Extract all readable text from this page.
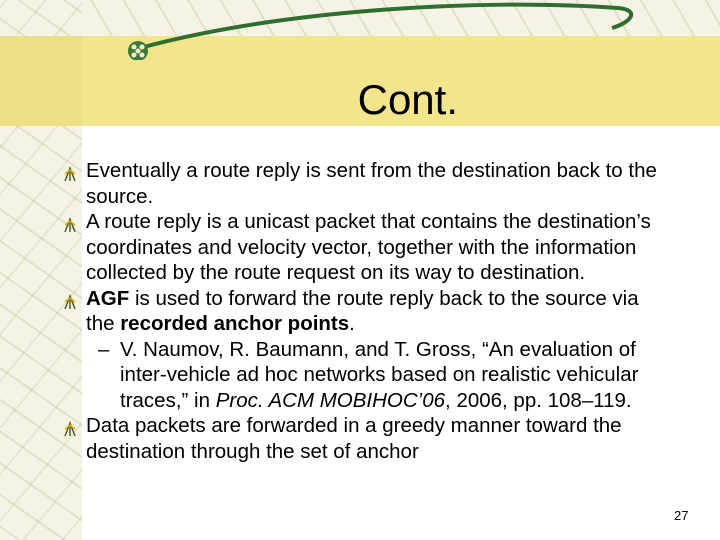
Cont.
Eventually a route reply is sent from the destination back to the source.
A route reply is a unicast packet that contains the destination’s coordinates and velocity vector, together with the information collected by the route request on its way to destination.
AGF is used to forward the route reply back to the source via the recorded anchor points.
– V. Naumov, R. Baumann, and T. Gross, “An evaluation of inter-vehicle ad hoc networks based on realistic vehicular traces,” in Proc. ACM MOBIHOC’06, 2006, pp. 108–119.
Data packets are forwarded in a greedy manner toward the destination through the set of anchor
27
